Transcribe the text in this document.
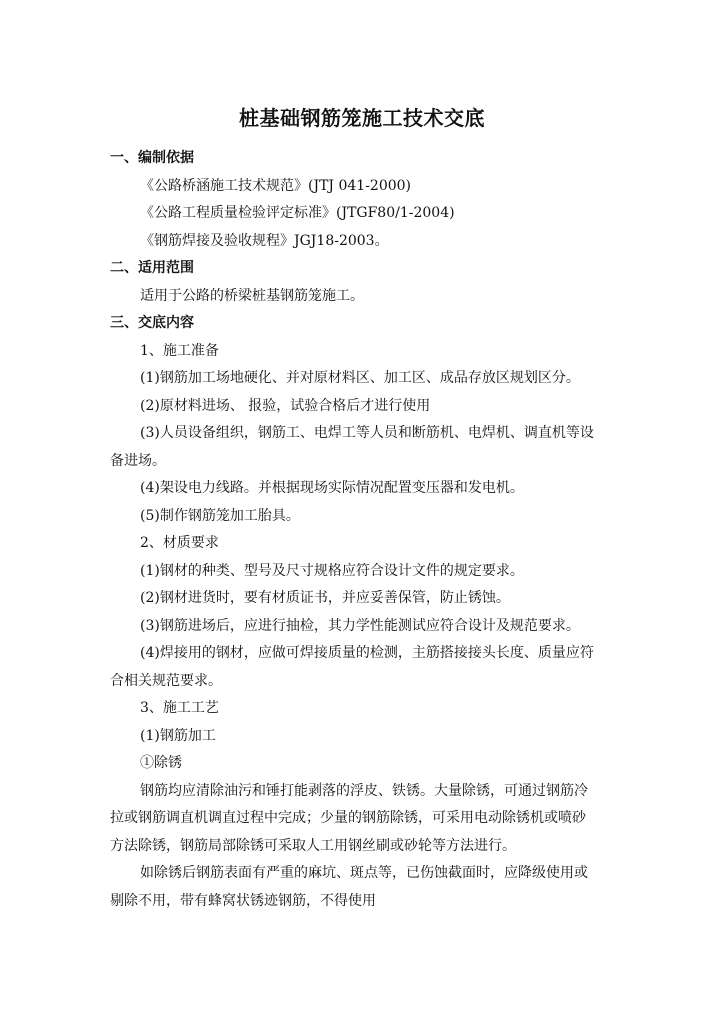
桩基础钢筋笼施工技术交底
一、编制依据
《公路桥涵施工技术规范》(JTJ 041-2000)
《公路工程质量检验评定标准》(JTGF80/1-2004)
《钢筋焊接及验收规程》JGJ18-2003。
二、适用范围
适用于公路的桥梁桩基钢筋笼施工。
三、交底内容
1、施工准备
(1)钢筋加工场地硬化、并对原材料区、加工区、成品存放区规划区分。
(2)原材料进场、 报验，试验合格后才进行使用
(3)人员设备组织，钢筋工、电焊工等人员和断筋机、电焊机、调直机等设
备进场。
(4)架设电力线路。并根据现场实际情况配置变压器和发电机。
(5)制作钢筋笼加工胎具。
2、材质要求
(1)钢材的种类、型号及尺寸规格应符合设计文件的规定要求。
(2)钢材进货时，要有材质证书，并应妥善保管，防止锈蚀。
(3)钢筋进场后，应进行抽检，其力学性能测试应符合设计及规范要求。
(4)焊接用的钢材，应做可焊接质量的检测，主筋搭接接头长度、质量应符
合相关规范要求。
3、施工工艺
(1)钢筋加工
①除锈
钢筋均应清除油污和锤打能剥落的浮皮、铁锈。大量除锈，可通过钢筋冷
拉或钢筋调直机调直过程中完成；少量的钢筋除锈，可采用电动除锈机或喷砂
方法除锈，钢筋局部除锈可采取人工用钢丝刷或砂轮等方法进行。
如除锈后钢筋表面有严重的麻坑、斑点等，已伤蚀截面时，应降级使用或
剔除不用，带有蜂窝状锈迹钢筋，不得使用
